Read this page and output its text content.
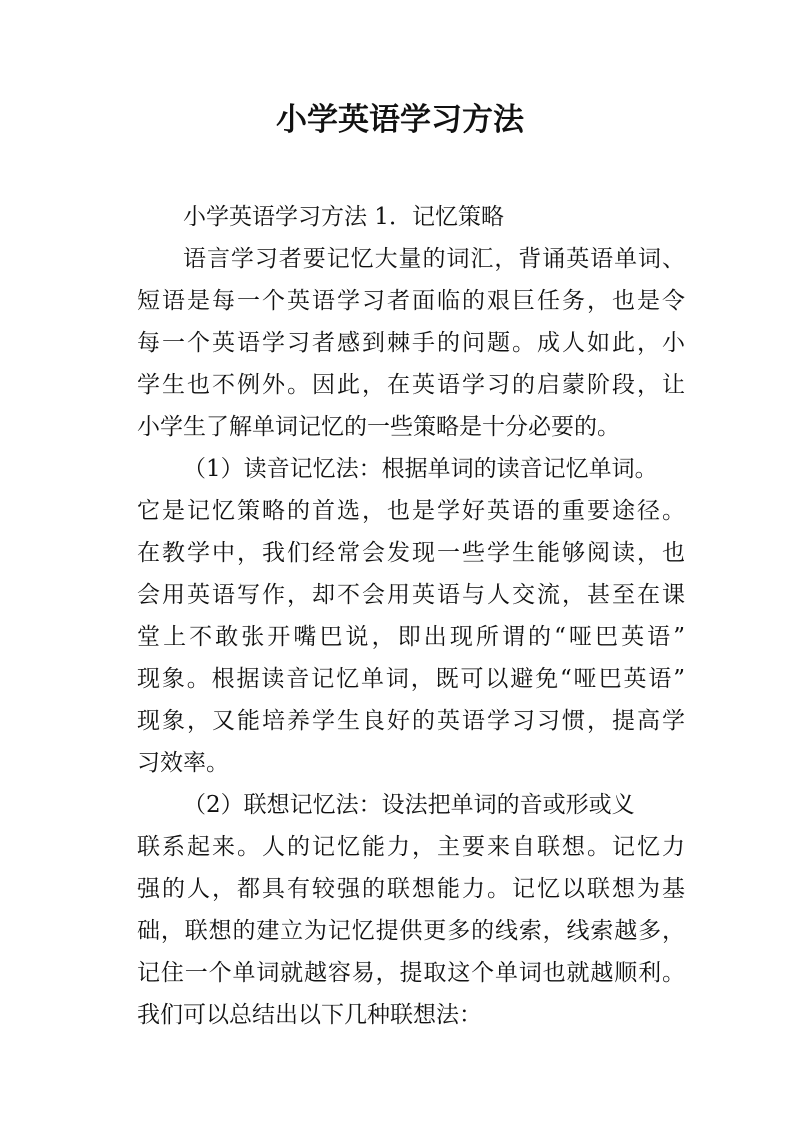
小学英语学习方法
小学英语学习方法 1．记忆策略
语言学习者要记忆大量的词汇，背诵英语单词、
短语是每一个英语学习者面临的艰巨任务，也是令
每一个英语学习者感到棘手的问题。成人如此，小
学生也不例外。因此，在英语学习的启蒙阶段，让
小学生了解单词记忆的一些策略是十分必要的。
（1）读音记忆法：根据单词的读音记忆单词。
它是记忆策略的首选，也是学好英语的重要途径。
在教学中，我们经常会发现一些学生能够阅读，也
会用英语写作，却不会用英语与人交流，甚至在课
堂上不敢张开嘴巴说，即出现所谓的“哑巴英语”
现象。根据读音记忆单词，既可以避免“哑巴英语”
现象，又能培养学生良好的英语学习习惯，提高学
习效率。
（2）联想记忆法：设法把单词的音或形或义
联系起来。人的记忆能力，主要来自联想。记忆力
强的人，都具有较强的联想能力。记忆以联想为基
础，联想的建立为记忆提供更多的线索，线索越多，
记住一个单词就越容易，提取这个单词也就越顺利。
我们可以总结出以下几种联想法：
